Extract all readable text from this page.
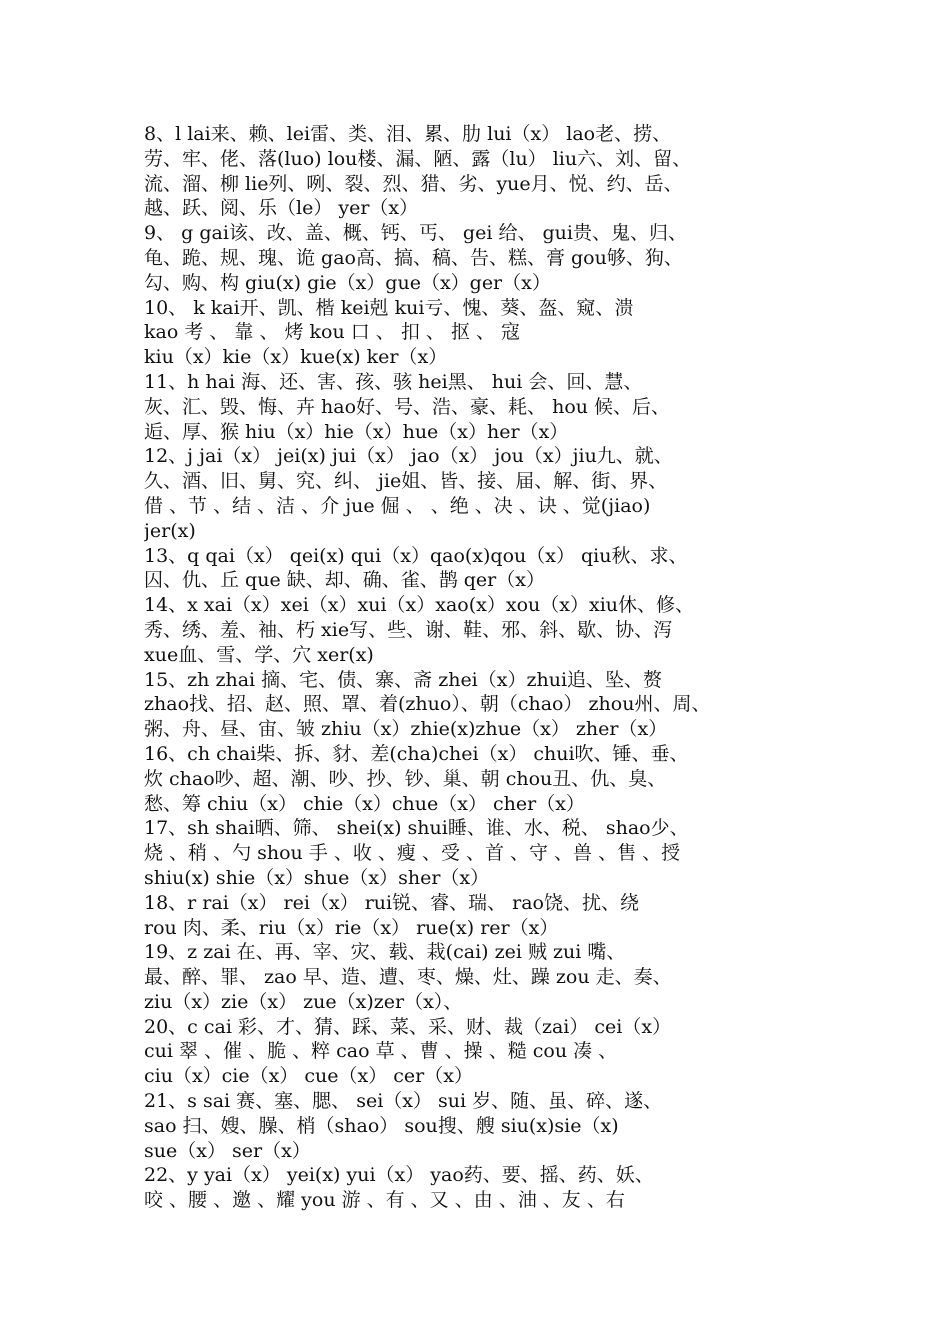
8、l lai来、赖、lei雷、类、泪、累、肋 lui（x） lao老、捞、
劳、牢、佬、落(luo) lou楼、漏、陋、露（lu） liu六、刘、留、
流、溜、柳 lie列、咧、裂、烈、猎、劣、yue月、悦、约、岳、
越、跃、阅、乐（le） yer（x）
9、 g gai该、改、盖、概、钙、丐、 gei 给、 gui贵、鬼、归、
龟、跪、规、瑰、诡 gao高、搞、稿、告、糕、膏 gou够、狗、
勾、购、构 giu(x) gie（x）gue（x）ger（x）
10、 k kai开、凯、楷 kei剋 kui亏、愧、葵、盔、窥、溃
kao 考 、 靠 、 烤 kou 口 、 扣 、 抠 、 寇
kiu（x）kie（x）kue(x) ker（x）
11、h hai 海、还、害、孩、骇 hei黑、 hui 会、回、慧、
灰、汇、毁、悔、卉 hao好、号、浩、豪、耗、 hou 候、后、
逅、厚、猴 hiu（x）hie（x）hue（x）her（x）
12、j jai（x） jei(x) jui（x） jao（x） jou（x）jiu九、就、
久、酒、旧、舅、究、纠、 jie姐、皆、接、届、解、街、界、
借 、节 、结 、洁 、介 jue 倔 、 、绝 、决 、诀 、觉(jiao)
jer(x)
13、q qai（x） qei(x) qui（x）qao(x)qou（x） qiu秋、求、
囚、仇、丘 que 缺、却、确、雀、鹊 qer（x）
14、x xai（x）xei（x）xui（x）xao(x）xou（x）xiu休、修、
秀、绣、羞、袖、朽 xie写、些、谢、鞋、邪、斜、歇、协、泻
xue血、雪、学、穴 xer(x)
15、zh zhai 摘、宅、债、寨、斋 zhei（x）zhui追、坠、赘
zhao找、招、赵、照、罩、着(zhuo）、朝（chao） zhou州、周、
粥、舟、昼、宙、皱 zhiu（x）zhie(x)zhue（x） zher（x）
16、ch chai柴、拆、豺、差(cha)chei（x） chui吹、锤、垂、
炊 chao吵、超、潮、吵、抄、钞、巢、朝 chou丑、仇、臭、
愁、筹 chiu（x） chie（x）chue（x） cher（x）
17、sh shai晒、筛、 shei(x) shui睡、谁、水、税、 shao少、
烧 、稍 、勺 shou 手 、收 、瘦 、受 、首 、守 、兽 、售 、授
shiu(x) shie（x）shue（x）sher（x）
18、r rai（x） rei（x） rui锐、睿、瑞、 rao饶、扰、绕
rou 肉、柔、riu（x）rie（x） rue(x) rer（x）
19、z zai 在、再、宰、灾、载、栽(cai) zei 贼 zui 嘴、
最、醉、罪、 zao 早、造、遭、枣、燥、灶、躁 zou 走、奏、
ziu（x）zie（x） zue（x)zer（x）、
20、c cai 彩、才、猜、踩、菜、采、财、裁（zai） cei（x）
cui 翠 、催 、脆 、粹 cao 草 、曹 、操 、糙 cou 凑 、
ciu（x）cie（x） cue（x） cer（x）
21、s sai 赛、塞、腮、 sei（x） sui 岁、随、虽、碎、遂、
sao 扫、嫂、臊、梢（shao） sou搜、艘 siu(x)sie（x)
sue（x） ser（x）
22、y yai（x） yei(x) yui（x） yao药、要、摇、药、妖、
咬 、腰 、邀 、耀 you 游 、有 、又 、由 、油 、友 、右
